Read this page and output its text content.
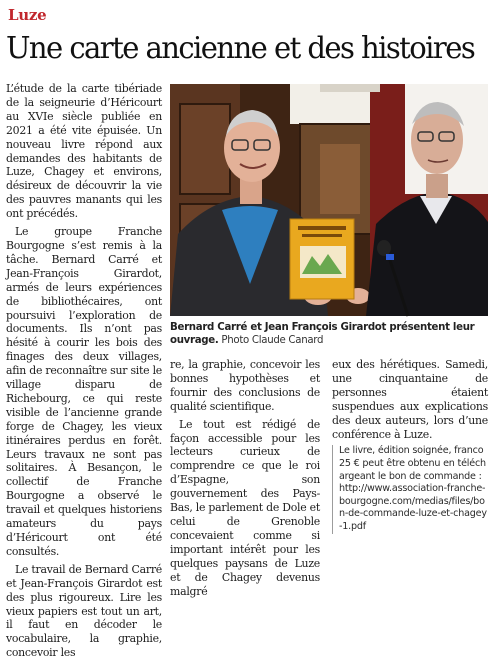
Luze
Une carte ancienne et des histoires

L’étude de la carte tibériade de la seigneurie d’Héricourt au XVIe siècle publiée en 2021 a été vite épuisée. Un nouveau livre répond aux demandes des habitants de Luze, Chagey et environs, désireux de découvrir la vie des pauvres manants qui les ont précédés.

Le groupe Franche Bourgogne s’est remis à la tâche. Bernard Carré et Jean-François Girardot, armés de leurs expériences de bibliothécaires, ont poursuivi l’exploration de documents. Ils n’ont pas hésité à courir les bois des finages des deux villages, afin de reconnaître sur site le village disparu de Richebourg, ce qui reste visible de l’ancienne grande forge de Chagey, les vieux itinéraires perdus en forêt. Leurs travaux ne sont pas solitaires. À Besançon, le collectif de Franche Bourgogne a observé le travail et quelques historiens amateurs du pays d’Héricourt ont été consultés.

Le travail de Bernard Carré et Jean-François Girardot est des plus rigoureux. Lire les vieux papiers est tout un art, il faut en décoder le vocabulaire, la graphie, concevoir les

Bernard Carré et Jean François Girardot présentent leur ouvrage. Photo Claude Canard

re, la graphie, concevoir les bonnes hypothèses et fournir des conclusions de qualité scientifique.

Le tout est rédigé de façon accessible pour les lecteurs curieux de comprendre ce que le roi d’Espagne, son gouvernement des Pays-Bas, le parlement de Dole et celui de Grenoble concevaient comme si important intérêt pour les quelques paysans de Luze et de Chagey devenus malgré

eux des hérétiques. Samedi, une cinquantaine de personnes étaient suspendues aux explications des deux auteurs, lors d’une conférence à Luze.

Le livre, édition soignée, franco 25 € peut être obtenu en téléchargeant le bon de commande : http://www.association-franche-bourgogne.com/medias/files/bon-de-commande-luze-et-chagey-1.pdf
